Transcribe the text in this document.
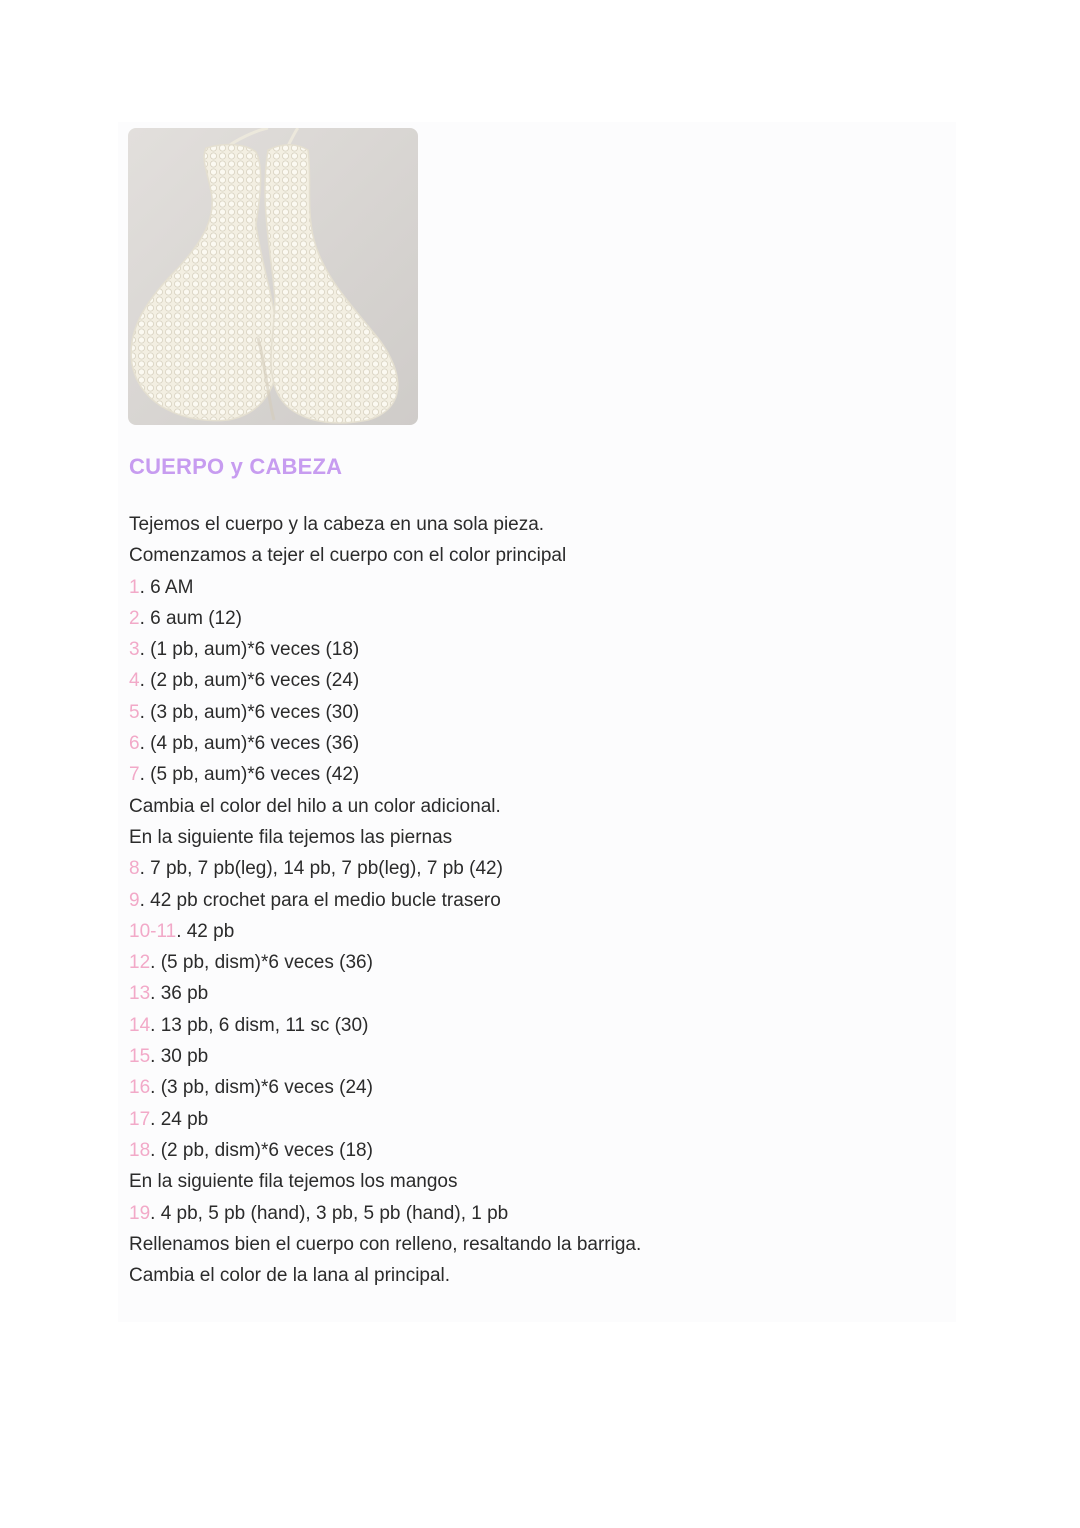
CUERPO y CABEZA
Tejemos el cuerpo y la cabeza en una sola pieza.
Comenzamos a tejer el cuerpo con el color principal
1. 6 AM
2. 6 aum (12)
3. (1 pb, aum)*6 veces (18)
4. (2 pb, aum)*6 veces (24)
5. (3 pb, aum)*6 veces (30)
6. (4 pb, aum)*6 veces (36)
7. (5 pb, aum)*6 veces (42)
Cambia el color del hilo a un color adicional.
En la siguiente fila tejemos las piernas
8. 7 pb, 7 pb(leg), 14 pb, 7 pb(leg), 7 pb (42)
9. 42 pb crochet para el medio bucle trasero
10-11. 42 pb
12. (5 pb, dism)*6 veces (36)
13. 36 pb
14. 13 pb, 6 dism, 11 sc (30)
15. 30 pb
16. (3 pb, dism)*6 veces (24)
17. 24 pb
18. (2 pb, dism)*6 veces (18)
En la siguiente fila tejemos los mangos
19. 4 pb, 5 pb (hand), 3 pb, 5 pb (hand), 1 pb
Rellenamos bien el cuerpo con relleno, resaltando la barriga.
Cambia el color de la lana al principal.
